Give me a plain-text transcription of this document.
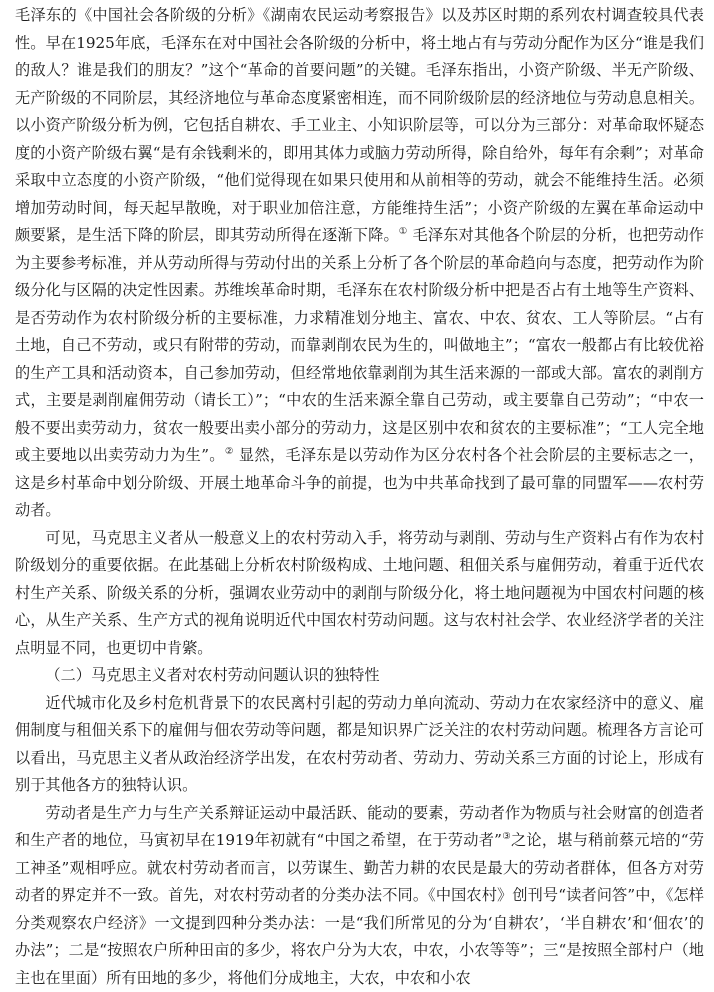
毛泽东的《中国社会各阶级的分析》《湖南农民运动考察报告》以及苏区时期的系列农村调查较具代表性。早在1925年底，毛泽东在对中国社会各阶级的分析中，将土地占有与劳动分配作为区分“谁是我们的敌人？谁是我们的朋友？”这个“革命的首要问题”的关键。毛泽东指出，小资产阶级、半无产阶级、无产阶级的不同阶层，其经济地位与革命态度紧密相连，而不同阶级阶层的经济地位与劳动息息相关。以小资产阶级分析为例，它包括自耕农、手工业主、小知识阶层等，可以分为三部分：对革命取怀疑态度的小资产阶级右翼“是有余钱剩米的，即用其体力或脑力劳动所得，除自给外，每年有余剩”；对革命采取中立态度的小资产阶级，“他们觉得现在如果只使用和从前相等的劳动，就会不能维持生活。必须增加劳动时间，每天起早散晚，对于职业加倍注意，方能维持生活”；小资产阶级的左翼在革命运动中颇要紧，是生活下降的阶层，即其劳动所得在逐渐下降。① 毛泽东对其他各个阶层的分析，也把劳动作为主要参考标准，并从劳动所得与劳动付出的关系上分析了各个阶层的革命趋向与态度，把劳动作为阶级分化与区隔的决定性因素。苏维埃革命时期，毛泽东在农村阶级分析中把是否占有土地等生产资料、是否劳动作为农村阶级分析的主要标准，力求精准划分地主、富农、中农、贫农、工人等阶层。“占有土地，自己不劳动，或只有附带的劳动，而靠剥削农民为生的，叫做地主”；“富农一般都占有比较优裕的生产工具和活动资本，自己参加劳动，但经常地依靠剥削为其生活来源的一部或大部。富农的剥削方式，主要是剥削雇佣劳动（请长工）”；“中农的生活来源全靠自己劳动，或主要靠自己劳动”；“中农一般不要出卖劳动力，贫农一般要出卖小部分的劳动力，这是区别中农和贫农的主要标准”；“工人完全地或主要地以出卖劳动力为生”。② 显然，毛泽东是以劳动作为区分农村各个社会阶层的主要标志之一，这是乡村革命中划分阶级、开展土地革命斗争的前提，也为中共革命找到了最可靠的同盟军——农村劳动者。

可见，马克思主义者从一般意义上的农村劳动入手，将劳动与剥削、劳动与生产资料占有作为农村阶级划分的重要依据。在此基础上分析农村阶级构成、土地问题、租佃关系与雇佣劳动，着重于近代农村生产关系、阶级关系的分析，强调农业劳动中的剥削与阶级分化，将土地问题视为中国农村问题的核心，从生产关系、生产方式的视角说明近代中国农村劳动问题。这与农村社会学、农业经济学者的关注点明显不同，也更切中肯綮。

（二）马克思主义者对农村劳动问题认识的独特性

近代城市化及乡村危机背景下的农民离村引起的劳动力单向流动、劳动力在农家经济中的意义、雇佣制度与租佃关系下的雇佣与佃农劳动等问题，都是知识界广泛关注的农村劳动问题。梳理各方言论可以看出，马克思主义者从政治经济学出发，在农村劳动者、劳动力、劳动关系三方面的讨论上，形成有别于其他各方的独特认识。

劳动者是生产力与生产关系辩证运动中最活跃、能动的要素，劳动者作为物质与社会财富的创造者和生产者的地位，马寅初早在1919年初就有“中国之希望，在于劳动者”③之论，堪与稍前蔡元培的“劳工神圣”观相呼应。就农村劳动者而言，以劳谋生、勤苦力耕的农民是最大的劳动者群体，但各方对劳动者的界定并不一致。首先，对农村劳动者的分类办法不同。《中国农村》创刊号“读者问答”中，《怎样分类观察农户经济》一文提到四种分类办法：一是“我们所常见的分为‘自耕农’，‘半自耕农’和‘佃农’的办法”；二是“按照农户所种田亩的多少，将农户分为大农，中农，小农等等”；三“是按照全部村户（地主也在里面）所有田地的多少，将他们分成地主，大农，中农和小农
